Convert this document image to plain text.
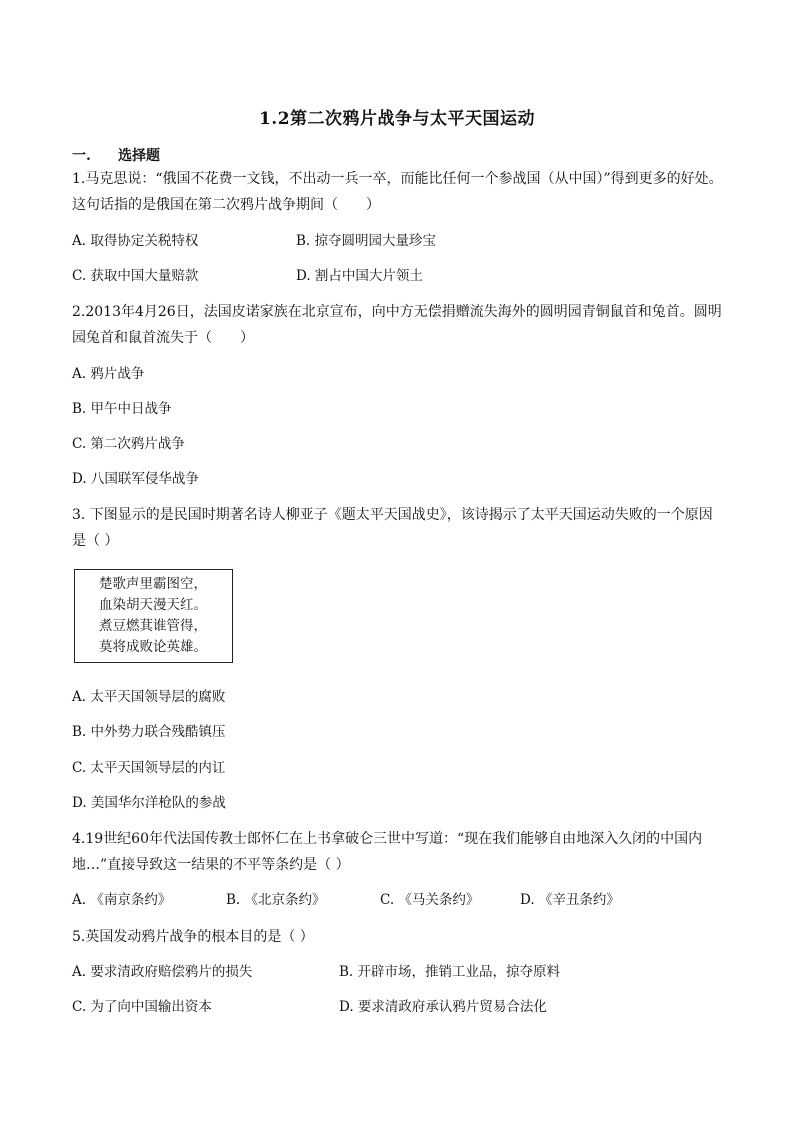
1.2第二次鸦片战争与太平天国运动
一. 选择题
1.马克思说：“俄国不花费一文钱，不出动一兵一卒，而能比任何一个参战国（从中国）”得到更多的好处。这句话指的是俄国在第二次鸦片战争期间（　　）
A. 取得协定关税特权	B. 掠夺圆明园大量珍宝
C. 获取中国大量赔款	D. 割占中国大片领土
2.2013年4月26日，法国皮诺家族在北京宣布，向中方无偿捐赠流失海外的圆明园青铜鼠首和兔首。圆明园兔首和鼠首流失于（　　）
A. 鸦片战争
B. 甲午中日战争
C. 第二次鸦片战争
D. 八国联军侵华战争
3. 下图显示的是民国时期著名诗人柳亚子《题太平天国战史》，该诗揭示了太平天国运动失败的一个原因是（ ）
楚歌声里霸图空，
血染胡天漫天红。
煮豆燃萁谁管得，
莫将成败论英雄。
A. 太平天国领导层的腐败
B. 中外势力联合残酷镇压
C. 太平天国领导层的内讧
D. 美国华尔洋枪队的参战
4.19世纪60年代法国传教士郎怀仁在上书拿破仑三世中写道：“现在我们能够自由地深入久闭的中国内地…”直接导致这一结果的不平等条约是（ ）
A. 《南京条约》	B. 《北京条约》	C. 《马关条约》	D. 《辛丑条约》
5.英国发动鸦片战争的根本目的是（ ）
A. 要求清政府赔偿鸦片的损失	B. 开辟市场，推销工业品，掠夺原料
C. 为了向中国输出资本	D. 要求清政府承认鸦片贸易合法化
